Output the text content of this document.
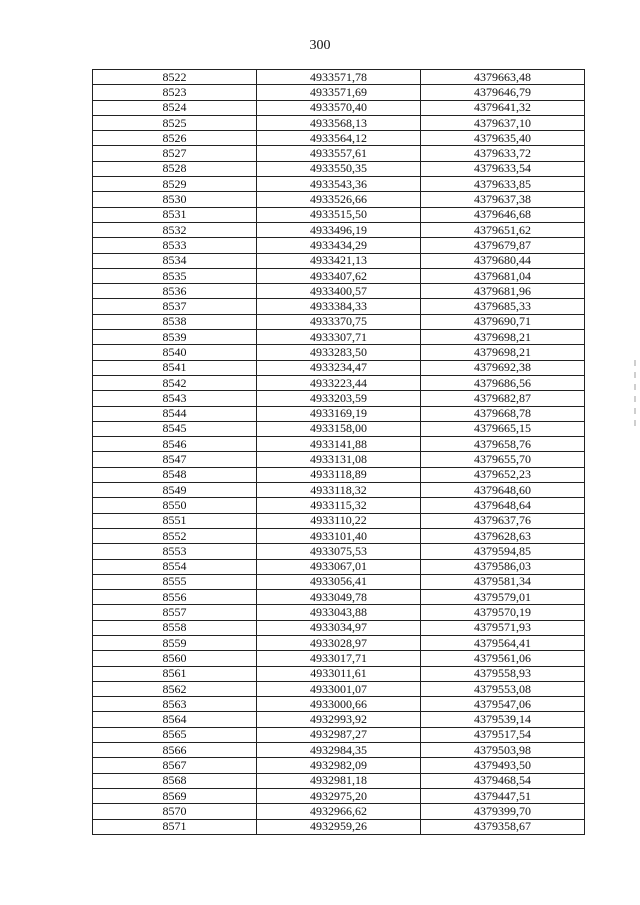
300
8522	4933571,78	4379663,48
8523	4933571,69	4379646,79
8524	4933570,40	4379641,32
8525	4933568,13	4379637,10
8526	4933564,12	4379635,40
8527	4933557,61	4379633,72
8528	4933550,35	4379633,54
8529	4933543,36	4379633,85
8530	4933526,66	4379637,38
8531	4933515,50	4379646,68
8532	4933496,19	4379651,62
8533	4933434,29	4379679,87
8534	4933421,13	4379680,44
8535	4933407,62	4379681,04
8536	4933400,57	4379681,96
8537	4933384,33	4379685,33
8538	4933370,75	4379690,71
8539	4933307,71	4379698,21
8540	4933283,50	4379698,21
8541	4933234,47	4379692,38
8542	4933223,44	4379686,56
8543	4933203,59	4379682,87
8544	4933169,19	4379668,78
8545	4933158,00	4379665,15
8546	4933141,88	4379658,76
8547	4933131,08	4379655,70
8548	4933118,89	4379652,23
8549	4933118,32	4379648,60
8550	4933115,32	4379648,64
8551	4933110,22	4379637,76
8552	4933101,40	4379628,63
8553	4933075,53	4379594,85
8554	4933067,01	4379586,03
8555	4933056,41	4379581,34
8556	4933049,78	4379579,01
8557	4933043,88	4379570,19
8558	4933034,97	4379571,93
8559	4933028,97	4379564,41
8560	4933017,71	4379561,06
8561	4933011,61	4379558,93
8562	4933001,07	4379553,08
8563	4933000,66	4379547,06
8564	4932993,92	4379539,14
8565	4932987,27	4379517,54
8566	4932984,35	4379503,98
8567	4932982,09	4379493,50
8568	4932981,18	4379468,54
8569	4932975,20	4379447,51
8570	4932966,62	4379399,70
8571	4932959,26	4379358,67
